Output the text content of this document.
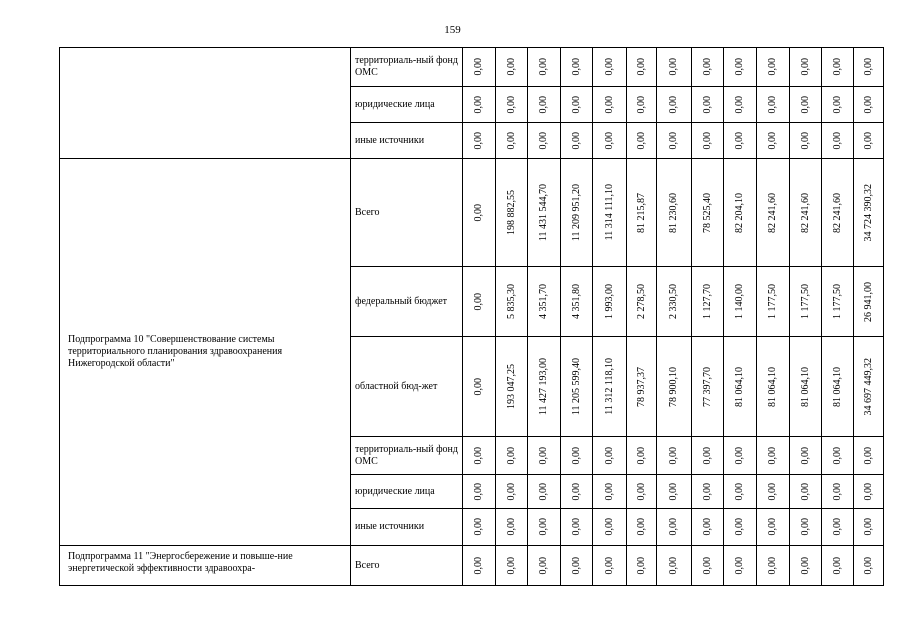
159
	территориаль-ный фонд ОМС	0,00	0,00	0,00	0,00	0,00	0,00	0,00	0,00	0,00	0,00	0,00	0,00	0,00

	юридические лица	0,00	0,00	0,00	0,00	0,00	0,00	0,00	0,00	0,00	0,00	0,00	0,00	0,00

	иные источники	0,00	0,00	0,00	0,00	0,00	0,00	0,00	0,00	0,00	0,00	0,00	0,00	0,00

Подпрограмма 10 "Совершенствование системы территориального планирования здравоохранения Нижегородской области"	Всего	0,00	198 882,55	11 431 544,70	11 209 951,20	11 314 111,10	81 215,87	81 230,60	78 525,40	82 204,10	82 241,60	82 241,60	82 241,60	34 724 390,32

	федеральный бюджет	0,00	5 835,30	4 351,70	4 351,80	1 993,00	2 278,50	2 330,50	1 127,70	1 140,00	1 177,50	1 177,50	1 177,50	26 941,00

	областной бюд-жет	0,00	193 047,25	11 427 193,00	11 205 599,40	11 312 118,10	78 937,37	78 900,10	77 397,70	81 064,10	81 064,10	81 064,10	81 064,10	34 697 449,32

	территориаль-ный фонд ОМС	0,00	0,00	0,00	0,00	0,00	0,00	0,00	0,00	0,00	0,00	0,00	0,00	0,00

	юридические лица	0,00	0,00	0,00	0,00	0,00	0,00	0,00	0,00	0,00	0,00	0,00	0,00	0,00

	иные источники	0,00	0,00	0,00	0,00	0,00	0,00	0,00	0,00	0,00	0,00	0,00	0,00	0,00

Подпрограмма 11 "Энергосбережение и повыше-ние энергетической эффективности здравоохра-	Всего	0,00	0,00	0,00	0,00	0,00	0,00	0,00	0,00	0,00	0,00	0,00	0,00	0,00
